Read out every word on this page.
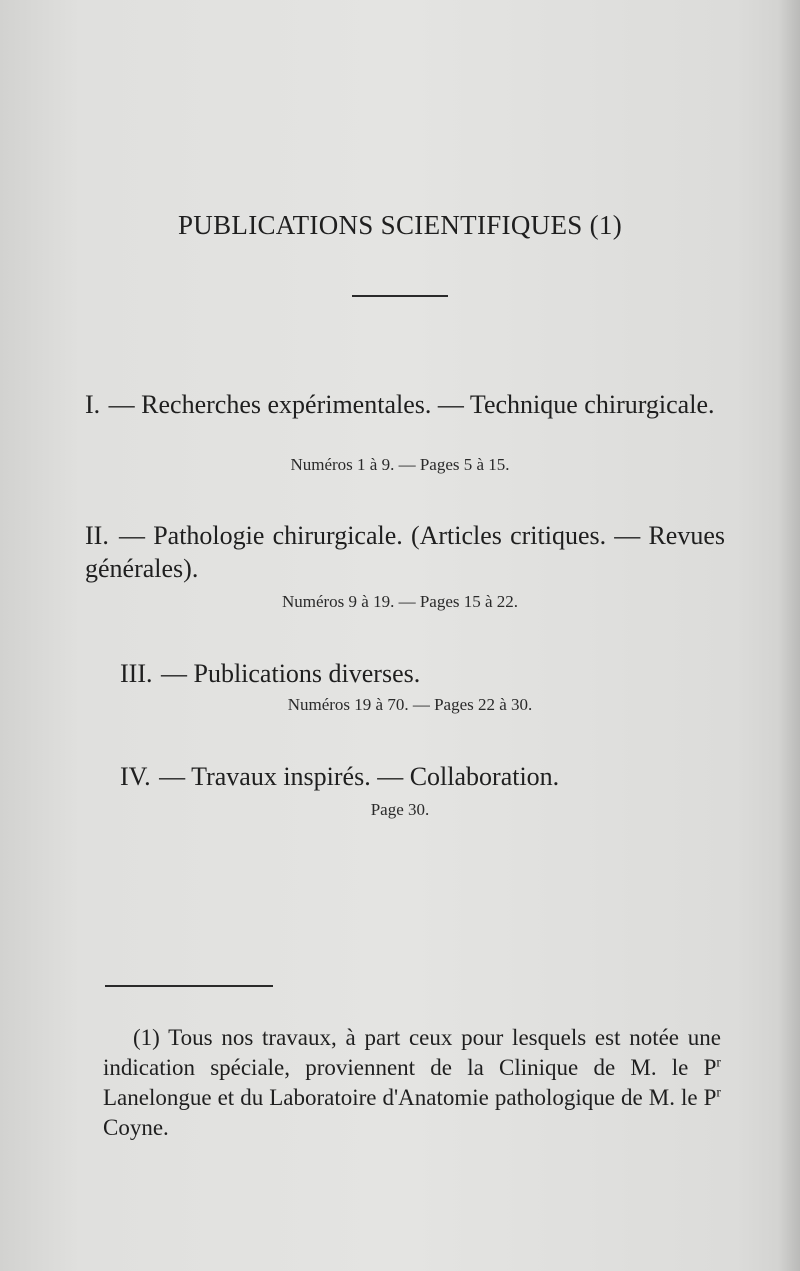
PUBLICATIONS SCIENTIFIQUES (1)
I. — Recherches expérimentales. — Technique chirurgicale.
Numéros 1 à 9. — Pages 5 à 15.
II. — Pathologie chirurgicale. (Articles critiques. — Revues générales).
Numéros 9 à 19. — Pages 15 à 22.
III. — Publications diverses.
Numéros 19 à 70. — Pages 22 à 30.
IV. — Travaux inspirés. — Collaboration.
Page 30.
(1) Tous nos travaux, à part ceux pour lesquels est notée une indication spéciale, proviennent de la Clinique de M. le $P^r$ Lanelongue et du Laboratoire d'Anatomie pathologique de M. le $P^r$ Coyne.
